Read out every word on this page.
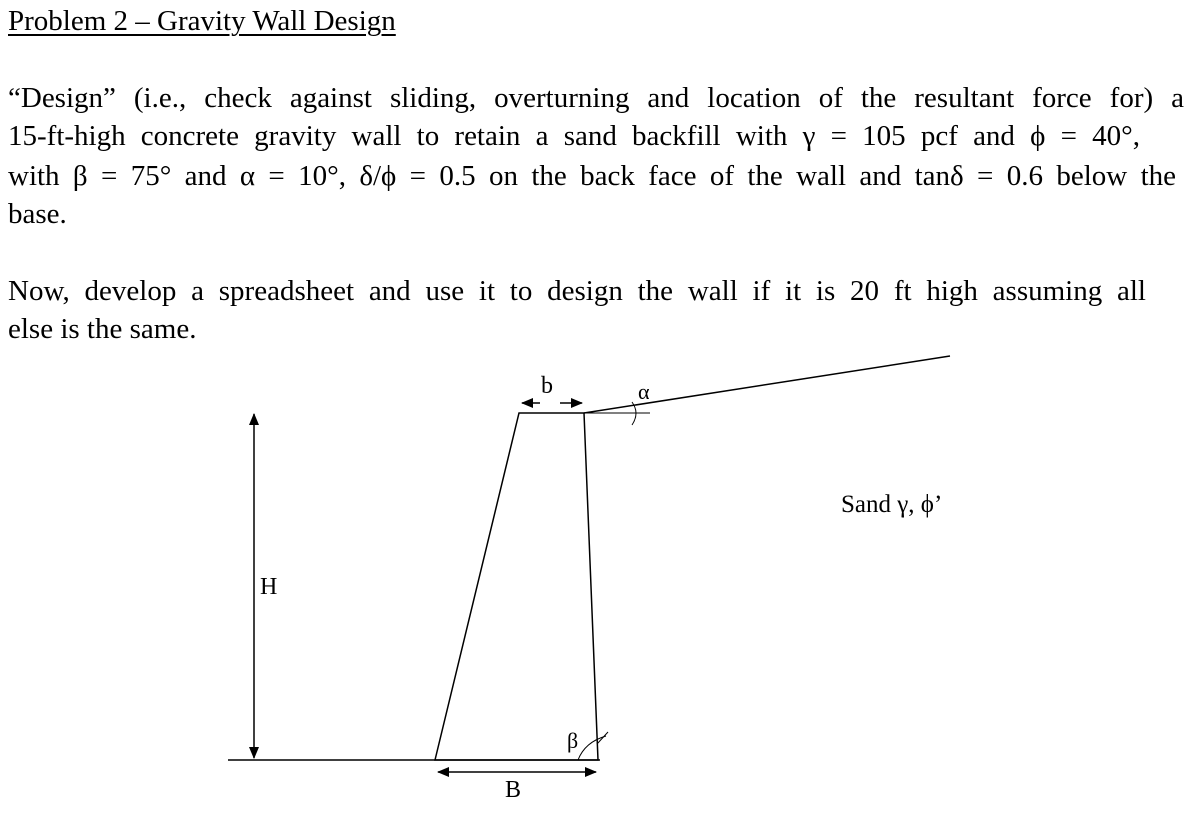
Problem 2 – Gravity Wall Design
“Design” (i.e., check against sliding, overturning and location of the resultant force for) a
15-ft-high concrete gravity wall to retain a sand backfill with γ = 105 pcf and ϕ = 40°,
with β = 75° and α = 10°, δ/ϕ = 0.5 on the back face of the wall and tanδ = 0.6 below the
base.
Now, develop a spreadsheet and use it to design the wall if it is 20 ft high assuming all
else is the same.
α
b
H
B
β
Sand γ, ϕ’
